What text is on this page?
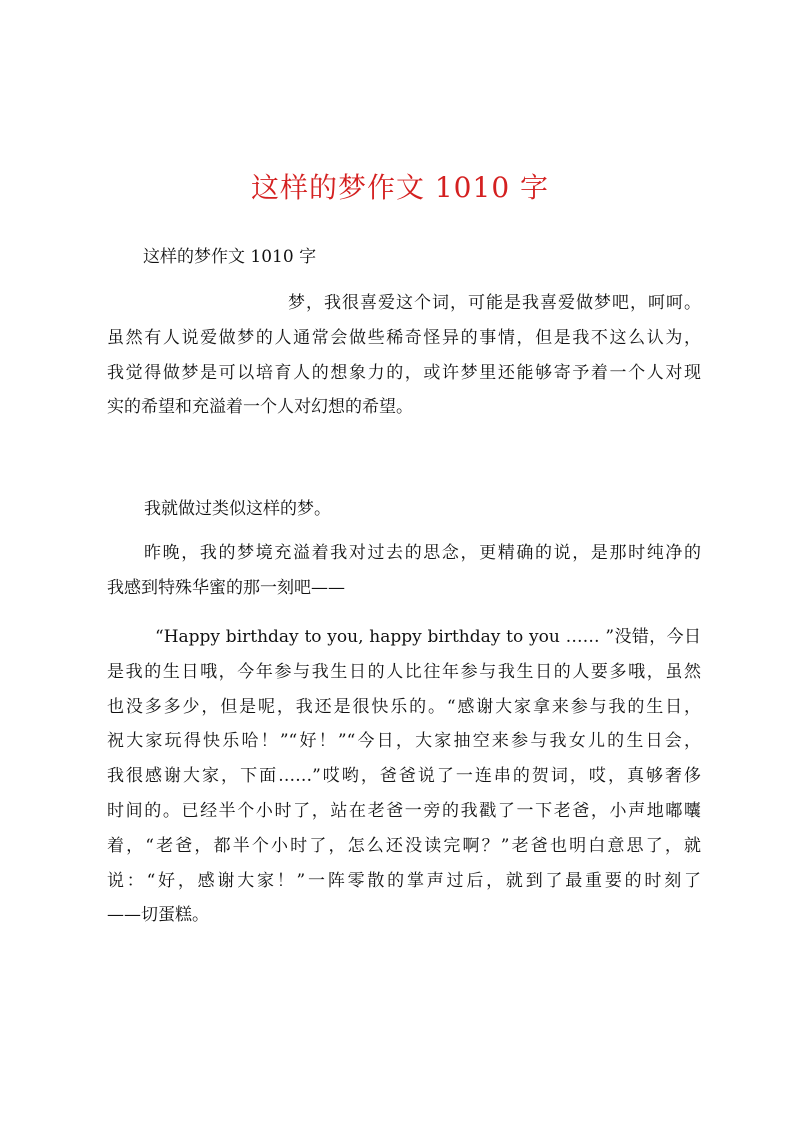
这样的梦作文 1010 字

这样的梦作文 1010 字

梦，我很喜爱这个词，可能是我喜爱做梦吧，呵呵。
虽然有人说爱做梦的人通常会做些稀奇怪异的事情，但是我不这么认为，
我觉得做梦是可以培育人的想象力的，或许梦里还能够寄予着一个人对现
实的希望和充溢着一个人对幻想的希望。
我就做过类似这样的梦。
昨晚，我的梦境充溢着我对过去的思念，更精确的说，是那时纯净的
我感到特殊华蜜的那一刻吧——
“Happy birthday to you, happy birthday to you …… ”没错，今日
是我的生日哦，今年参与我生日的人比往年参与我生日的人要多哦，虽然
也没多多少，但是呢，我还是很快乐的。“感谢大家拿来参与我的生日，
祝大家玩得快乐哈！”“好！”“今日，大家抽空来参与我女儿的生日会，
我很感谢大家，下面……”哎哟，爸爸说了一连串的贺词，哎，真够奢侈
时间的。已经半个小时了，站在老爸一旁的我戳了一下老爸，小声地嘟囔
着，“老爸，都半个小时了，怎么还没读完啊？”老爸也明白意思了，就
说：“好，感谢大家！”一阵零散的掌声过后，就到了最重要的时刻了
——切蛋糕。
